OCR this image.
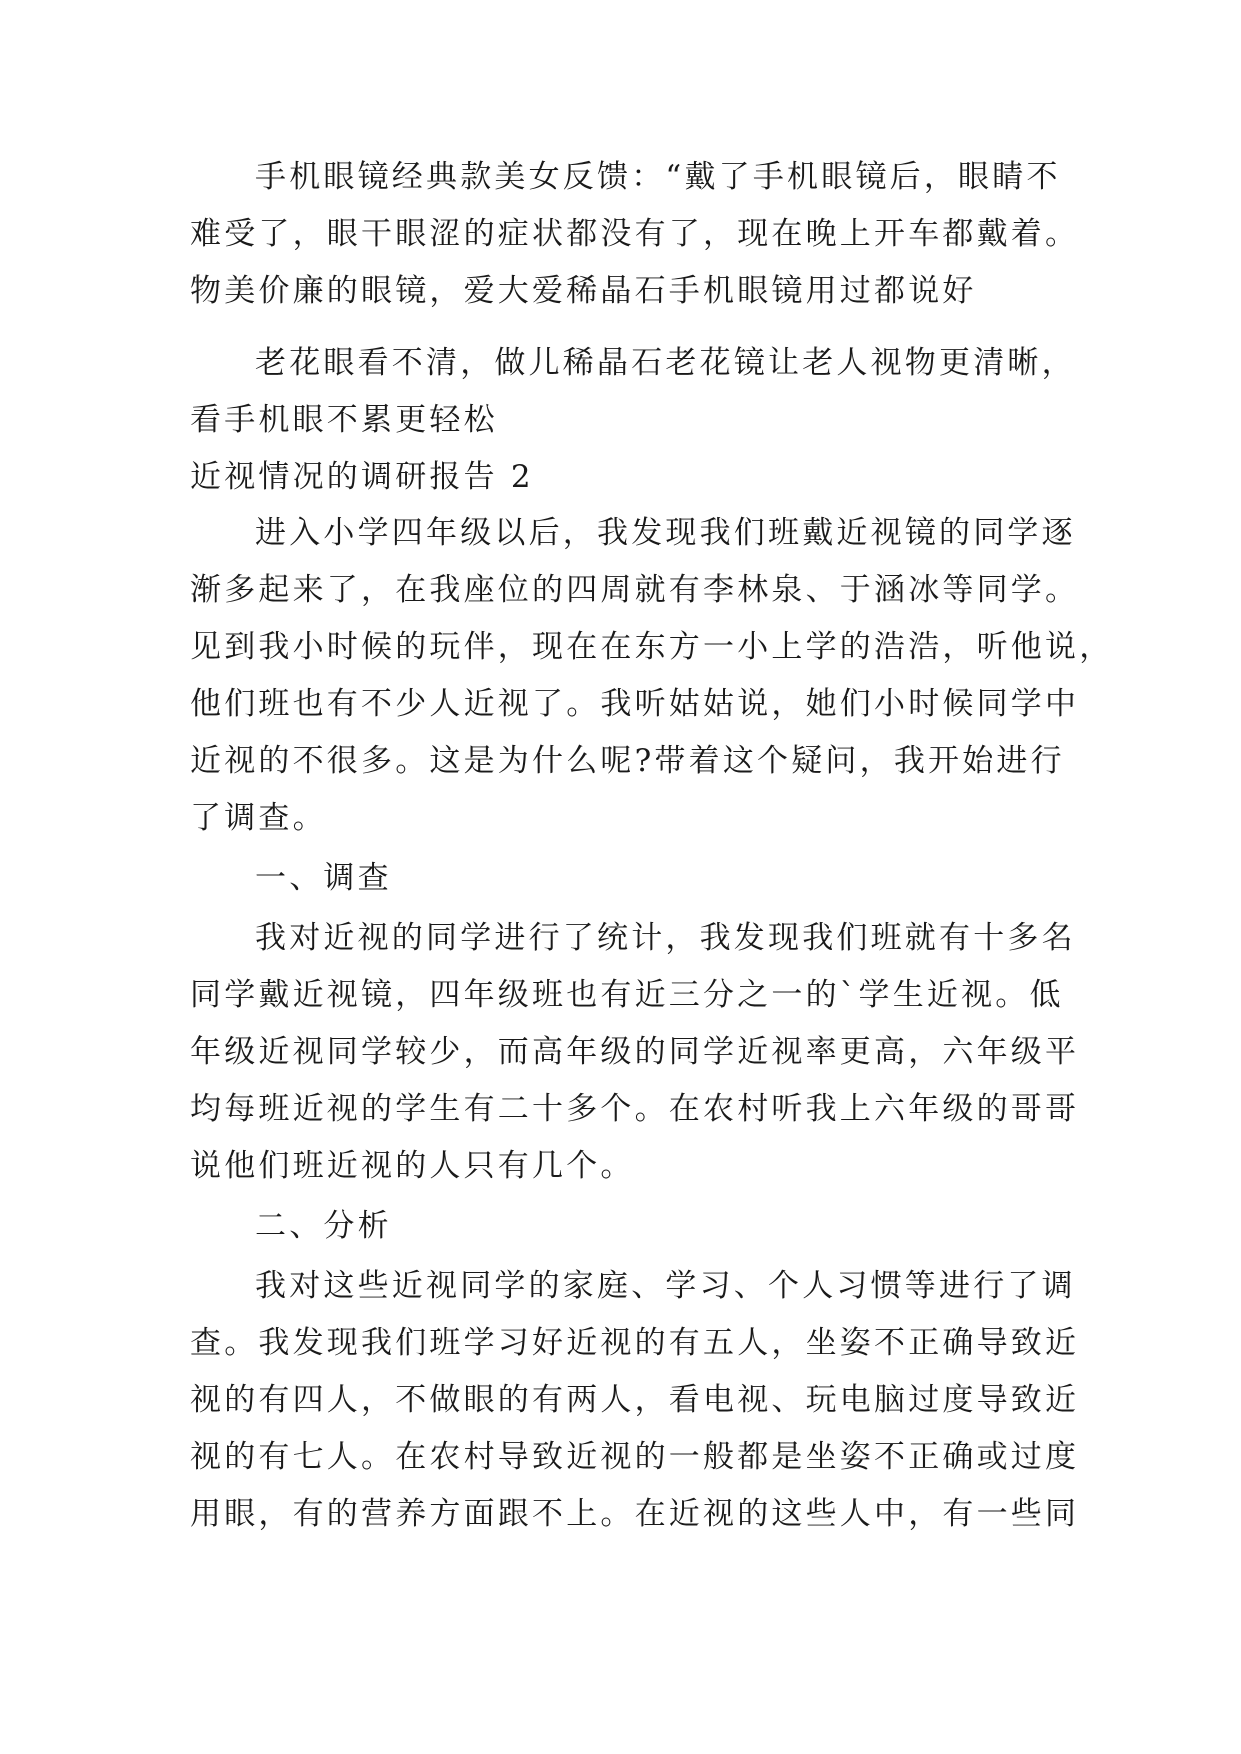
手机眼镜经典款美女反馈：“戴了手机眼镜后，眼睛不
难受了，眼干眼涩的症状都没有了，现在晚上开车都戴着。
物美价廉的眼镜，爱大爱稀晶石手机眼镜用过都说好
老花眼看不清，做儿稀晶石老花镜让老人视物更清晰，
看手机眼不累更轻松
近视情况的调研报告 2
进入小学四年级以后，我发现我们班戴近视镜的同学逐
渐多起来了，在我座位的四周就有李林泉、于涵冰等同学。
见到我小时候的玩伴，现在在东方一小上学的浩浩，听他说，
他们班也有不少人近视了。我听姑姑说，她们小时候同学中
近视的不很多。这是为什么呢?带着这个疑问，我开始进行
了调查。
一、调查
我对近视的同学进行了统计，我发现我们班就有十多名
同学戴近视镜，四年级班也有近三分之一的`学生近视。低
年级近视同学较少，而高年级的同学近视率更高，六年级平
均每班近视的学生有二十多个。在农村听我上六年级的哥哥
说他们班近视的人只有几个。
二、分析
我对这些近视同学的家庭、学习、个人习惯等进行了调
查。我发现我们班学习好近视的有五人，坐姿不正确导致近
视的有四人，不做眼的有两人，看电视、玩电脑过度导致近
视的有七人。在农村导致近视的一般都是坐姿不正确或过度
用眼，有的营养方面跟不上。在近视的这些人中，有一些同
